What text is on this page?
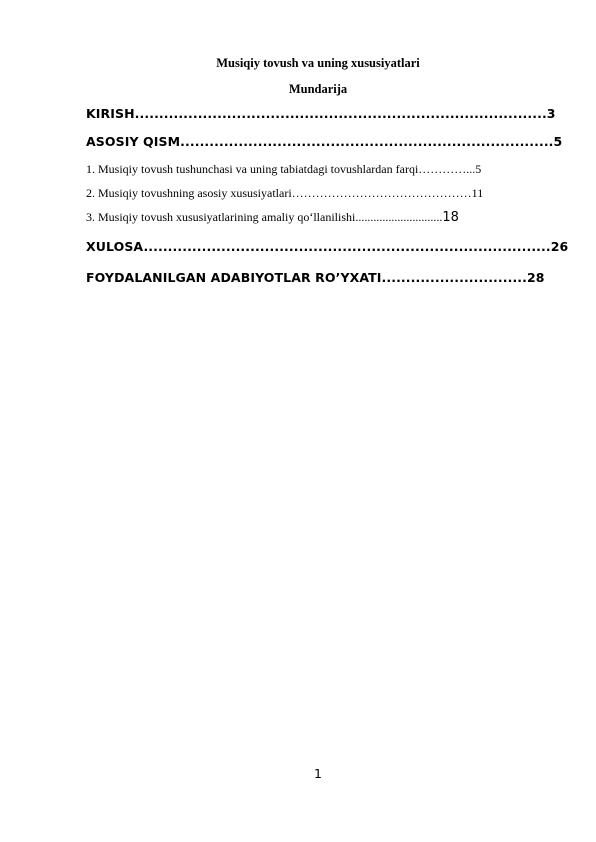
Musiqiy tovush va uning xususiyatlari
Mundarija
KIRISH.....................................................................................3
ASOSIY QISM.............................................................................5
1. Musiqiy tovush tushunchasi va uning tabiatdagi tovushlardan farqi…………...5
2. Musiqiy tovushning asosiy xususiyatlari………………………………………11
3. Musiqiy tovush xususiyatlarining amaliy qo‘llanilishi.............................18
XULOSA....................................................................................26
FOYDALANILGAN ADABIYOTLAR RO’YXATI..............................28
1
